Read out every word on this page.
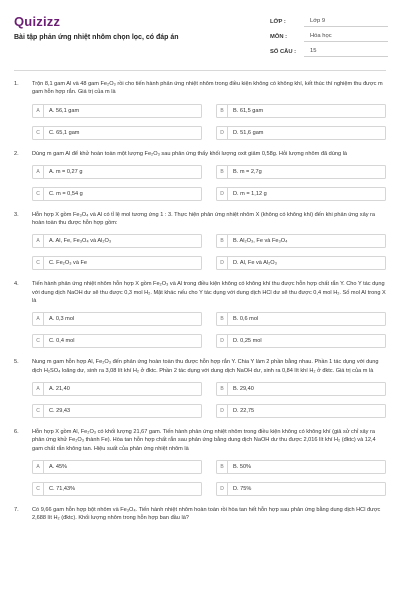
Quizizz
Bài tập phản ứng nhiệt nhôm chọn lọc, có đáp án
LỚP :	Lớp 9
MÔN :	Hóa học
SỐ CÂU :	15
1.	Trộn 8,1 gam Al và 48 gam Fe₂O₃ rồi cho tiến hành phản ứng nhiệt nhôm trong điều kiện không có không khí, kết thúc thí nghiệm thu được m gam hỗn hợp rắn. Giá trị của m là
A	A. 56,1 gam	B	B. 61,5 gam
C	C. 65,1 gam	D	D. 51,6 gam
2.	Dùng m gam Al để khử hoàn toàn một lượng Fe₂O₃ sau phản ứng thấy khối lượng oxit giảm 0,58g. Hỏi lượng nhôm đã dùng là
A	A. m = 0,27 g	B	B. m = 2,7g
C	C. m = 0,54 g	D	D. m = 1,12 g
3.	Hỗn hợp X gồm Fe₃O₄ và Al có tỉ lệ mol tương ứng 1 : 3. Thực hiện phản ứng nhiệt nhôm X (không có không khí) đến khi phản ứng xảy ra hoàn toàn thu được hỗn hợp gồm:
A	A. Al, Fe, Fe₃O₄ và Al₂O₃	B	B. Al₂O₃, Fe và Fe₃O₄
C	C. Fe₂O₃ và Fe	D	D. Al, Fe và Al₂O₃
4.	Tiến hành phản ứng nhiệt nhôm hỗn hợp X gồm Fe₂O₃ và Al trong điều kiện không có không khí thu được hỗn hợp chất rắn Y. Cho Y tác dụng với dung dịch NaOH dư sẽ thu được 0,3 mol H₂. Mặt khác nếu cho Y tác dụng với dung dịch HCl dư sẽ thu được 0,4 mol H₂. Số mol Al trong X là
A	A. 0,3 mol	B	B. 0,6 mol
C	C. 0,4 mol	D	D. 0,25 mol
5.	Nung m gam hỗn hợp Al, Fe₂O₃ đến phản ứng hoàn toàn thu được hỗn hợp rắn Y. Chia Y làm 2 phần bằng nhau. Phần 1 tác dụng với dung dịch H₂SO₄ loãng dư, sinh ra 3,08 lít khí H₂ ở đktc. Phần 2 tác dụng với dung dịch NaOH dư, sinh ra 0,84 lít khí H₂ ở đktc. Giá trị của m là
A	A. 21,40	B	B. 29,40
C	C. 29,43	D	D. 22,75
6.	Hỗn hợp X gồm Al, Fe₂O₃ có khối lượng 21,67 gam. Tiến hành phản ứng nhiệt nhôm trong điều kiện không có không khí (giả sử chỉ xảy ra phản ứng khử Fe₂O₃ thành Fe). Hòa tan hỗn hợp chất rắn sau phản ứng bằng dung dịch NaOH dư thu được 2,016 lít khí H₂ (đktc) và 12,4 gam chất rắn không tan. Hiệu suất của phản ứng nhiệt nhôm là
A	A. 45%	B	B. 50%
C	C. 71,43%	D	D. 75%
7.	Có 9,66 gam hỗn hợp bột nhôm và Fe₃O₄. Tiến hành nhiệt nhôm hoàn toàn rồi hòa tan hết hỗn hợp sau phản ứng bằng dung dịch HCl được 2,688 lít H₂ (đktc). Khối lượng nhôm trong hỗn hợp ban đầu là?
